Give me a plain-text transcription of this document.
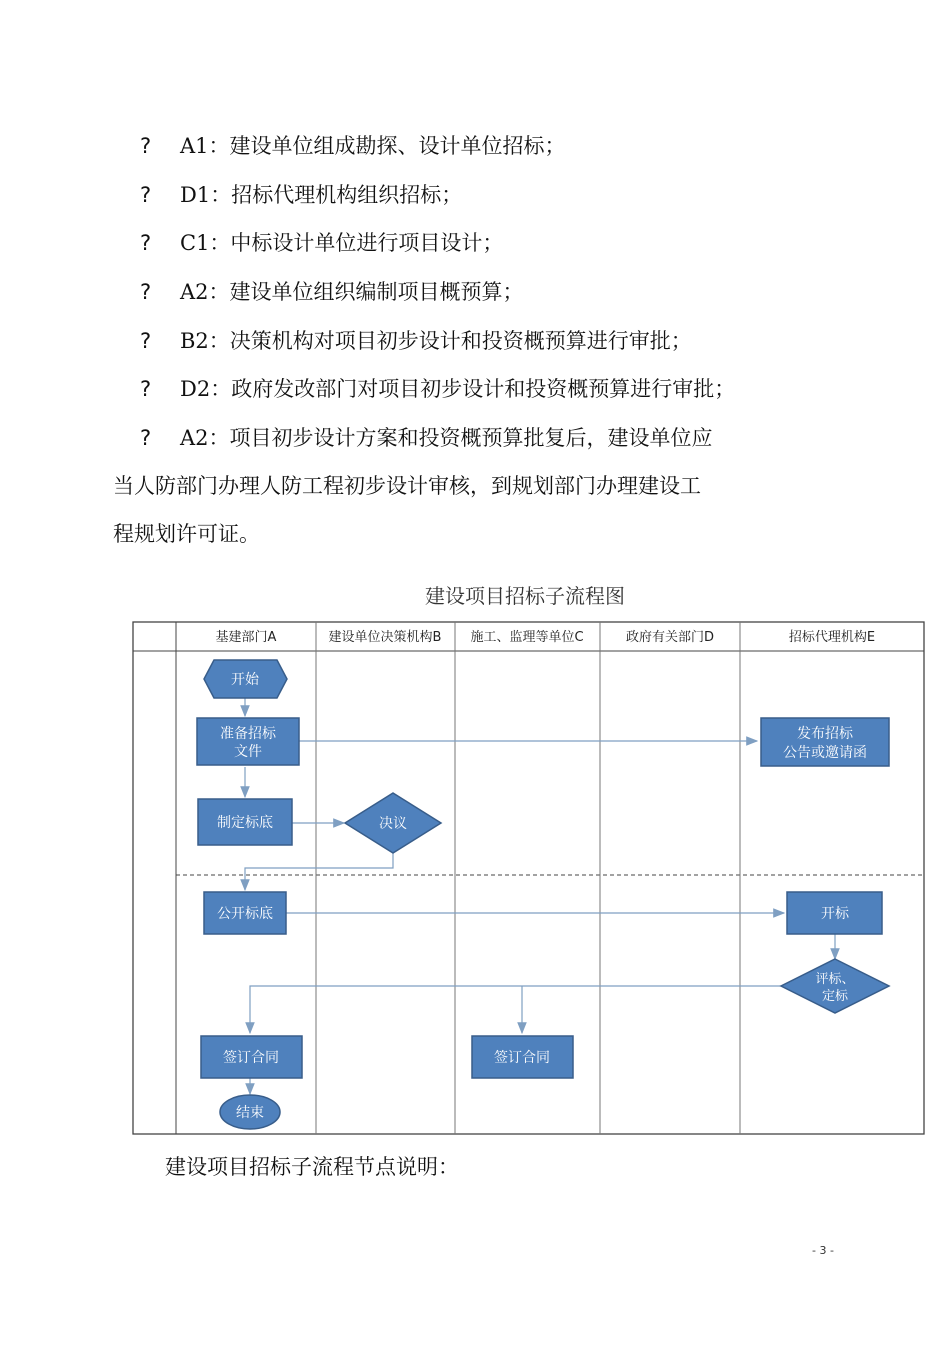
? A1：建设单位组成勘探、设计单位招标；
? D1：招标代理机构组织招标；
? C1：中标设计单位进行项目设计；
? A2：建设单位组织编制项目概预算；
? B2：决策机构对项目初步设计和投资概预算进行审批；
? D2：政府发改部门对项目初步设计和投资概预算进行审批；
? A2：项目初步设计方案和投资概预算批复后，建设单位应
当人防部门办理人防工程初步设计审核，到规划部门办理建设工
程规划许可证。
建设项目招标子流程图
基建部门A	建设单位决策机构B 施工、监理等单位C	政府有关部门D	招标代理机构E
开始
准备招标
文件
发布招标
公告或邀请函
制定标底	决议
公开标底	开标
评标、
定标
签订合同	签订合同
结束
建设项目招标子流程节点说明：
- 3 -
